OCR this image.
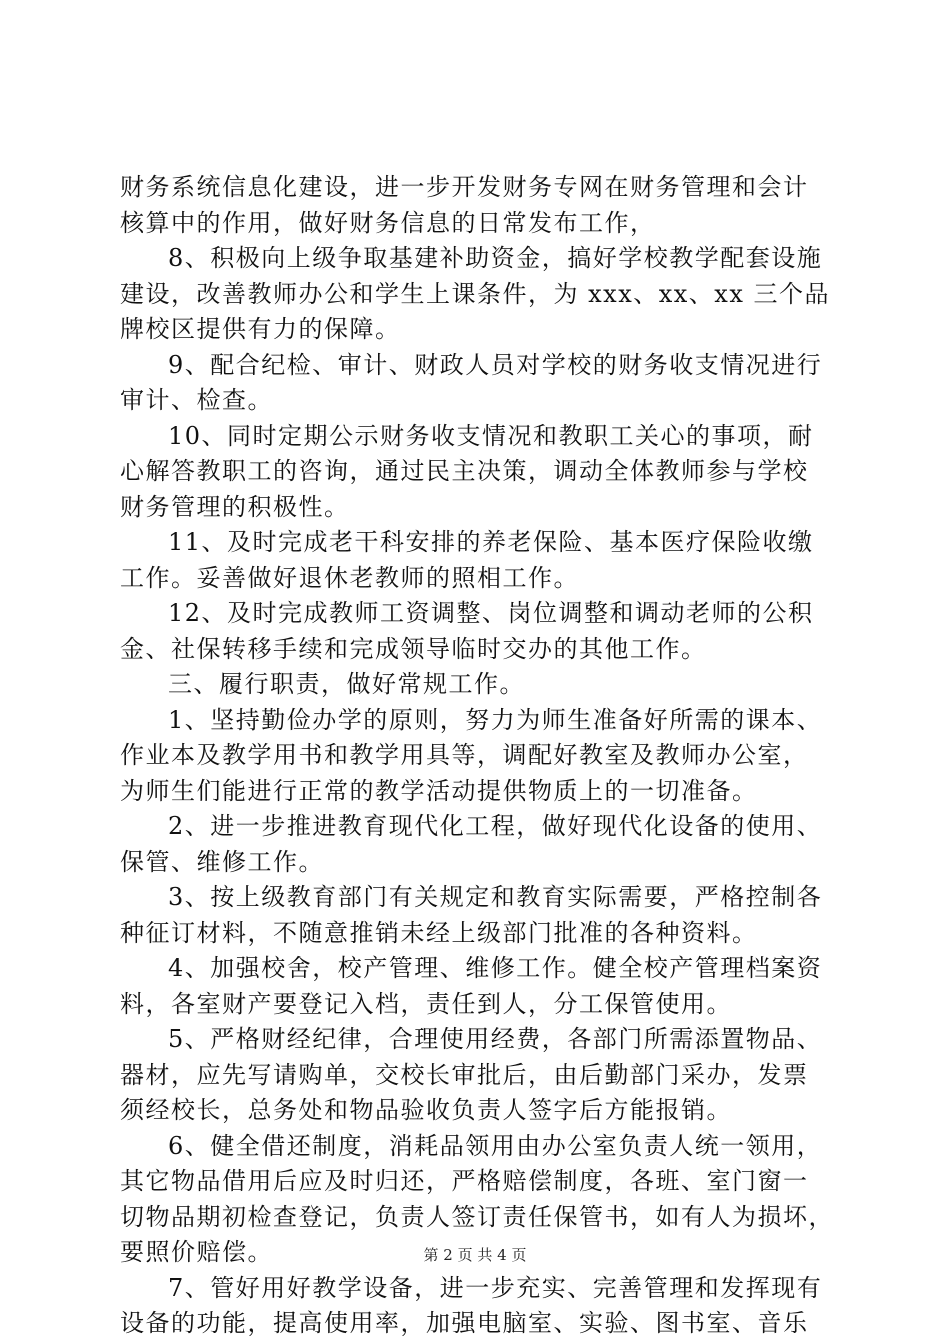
财务系统信息化建设，进一步开发财务专网在财务管理和会计
核算中的作用，做好财务信息的日常发布工作，
8、积极向上级争取基建补助资金，搞好学校教学配套设施
建设，改善教师办公和学生上课条件，为 xxx、xx、xx 三个品
牌校区提供有力的保障。
9、配合纪检、审计、财政人员对学校的财务收支情况进行
审计、检查。
10、同时定期公示财务收支情况和教职工关心的事项，耐
心解答教职工的咨询，通过民主决策，调动全体教师参与学校
财务管理的积极性。
11、及时完成老干科安排的养老保险、基本医疗保险收缴
工作。妥善做好退休老教师的照相工作。
12、及时完成教师工资调整、岗位调整和调动老师的公积
金、社保转移手续和完成领导临时交办的其他工作。
三、履行职责，做好常规工作。
1、坚持勤俭办学的原则，努力为师生准备好所需的课本、
作业本及教学用书和教学用具等，调配好教室及教师办公室，
为师生们能进行正常的教学活动提供物质上的一切准备。
2、进一步推进教育现代化工程，做好现代化设备的使用、
保管、维修工作。
3、按上级教育部门有关规定和教育实际需要，严格控制各
种征订材料，不随意推销未经上级部门批准的各种资料。
4、加强校舍，校产管理、维修工作。健全校产管理档案资
料，各室财产要登记入档，责任到人，分工保管使用。
5、严格财经纪律，合理使用经费，各部门所需添置物品、
器材，应先写请购单，交校长审批后，由后勤部门采办，发票
须经校长，总务处和物品验收负责人签字后方能报销。
6、健全借还制度，消耗品领用由办公室负责人统一领用，
其它物品借用后应及时归还，严格赔偿制度，各班、室门窗一
切物品期初检查登记，负责人签订责任保管书，如有人为损坏，
要照价赔偿。
7、管好用好教学设备，进一步充实、完善管理和发挥现有
设备的功能，提高使用率，加强电脑室、实验、图书室、音乐
第 2 页 共 4 页
